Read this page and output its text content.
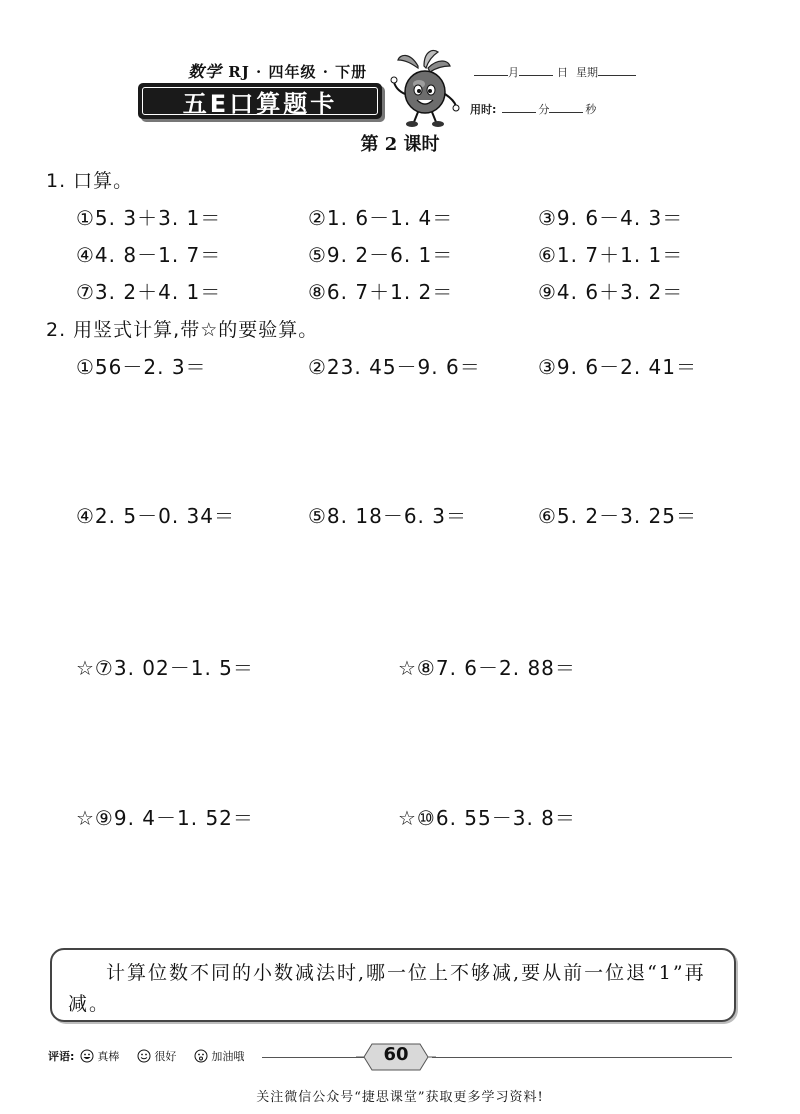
数学 RJ · 四年级 · 下册
五E口算题卡
月	日 星期
用时:	分	秒
第 2 课时
1. 口算。
①5. 3＋3. 1＝	②1. 6－1. 4＝	③9. 6－4. 3＝
④4. 8－1. 7＝	⑤9. 2－6. 1＝	⑥1. 7＋1. 1＝
⑦3. 2＋4. 1＝	⑧6. 7＋1. 2＝	⑨4. 6＋3. 2＝
2. 用竖式计算,带☆的要验算。
①56－2. 3＝	②23. 45－9. 6＝	③9. 6－2. 41＝
④2. 5－0. 34＝	⑤8. 18－6. 3＝	⑥5. 2－3. 25＝
☆⑦3. 02－1. 5＝	☆⑧7. 6－2. 88＝
☆⑨9. 4－1. 52＝	☆⑩6. 55－3. 8＝
计算位数不同的小数减法时,哪一位上不够减,要从前一位退“1”再减。
评语: 真棒	很好	加油哦	60
关注微信公众号“捷思课堂”获取更多学习资料!
